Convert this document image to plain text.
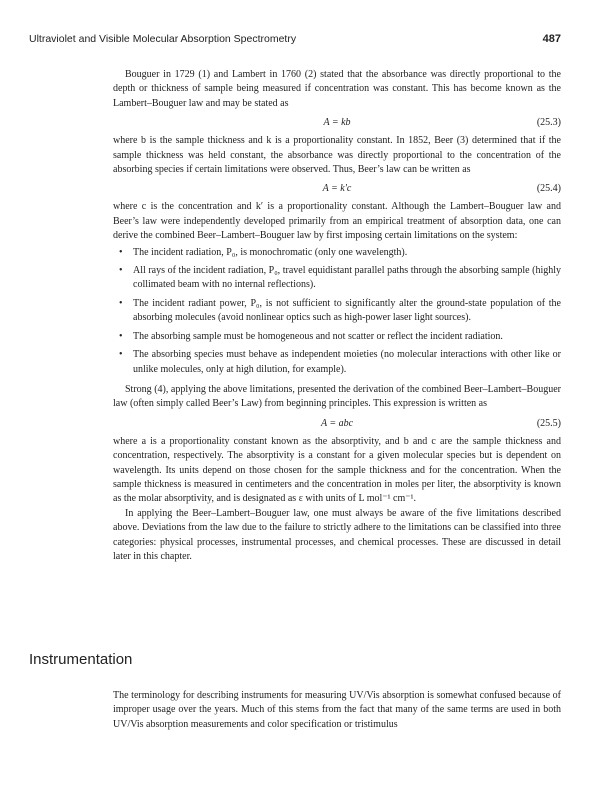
Ultraviolet and Visible Molecular Absorption Spectrometry	487

Bouguer in 1729 (1) and Lambert in 1760 (2) stated that the absorbance was directly proportional to the depth or thickness of sample being measured if concentration was constant. This has become known as the Lambert–Bouguer law and may be stated as

A = kb	(25.3)

where b is the sample thickness and k is a proportionality constant. In 1852, Beer (3) determined that if the sample thickness was held constant, the absorbance was directly proportional to the concentration of the absorbing species if certain limitations were observed. Thus, Beer’s law can be written as

A = k′c	(25.4)

where c is the concentration and k′ is a proportionality constant. Although the Lambert–Bouguer law and Beer’s law were independently developed primarily from an empirical treatment of absorption data, one can derive the combined Beer–Lambert–Bouguer law by first imposing certain limitations on the system:

• The incident radiation, P₀, is monochromatic (only one wavelength).
• All rays of the incident radiation, P₀, travel equidistant parallel paths through the absorbing sample (highly collimated beam with no internal reflections).
• The incident radiant power, P₀, is not sufficient to significantly alter the ground-state population of the absorbing molecules (avoid nonlinear optics such as high-power laser light sources).
• The absorbing sample must be homogeneous and not scatter or reflect the incident radiation.
• The absorbing species must behave as independent moieties (no molecular interactions with other like or unlike molecules, only at high dilution, for example).

Strong (4), applying the above limitations, presented the derivation of the combined Beer–Lambert–Bouguer law (often simply called Beer’s Law) from beginning principles. This expression is written as

A = abc	(25.5)

where a is a proportionality constant known as the absorptivity, and b and c are the sample thickness and concentration, respectively. The absorptivity is a constant for a given molecular species but is dependent on wavelength. Its units depend on those chosen for the sample thickness and for the concentration. When the sample thickness is measured in centimeters and the concentration in moles per liter, the absorptivity is known as the molar absorptivity, and is designated as ε with units of L mol⁻¹ cm⁻¹.

In applying the Beer–Lambert–Bouguer law, one must always be aware of the five limitations described above. Deviations from the law due to the failure to strictly adhere to the limitations can be classified into three categories: physical processes, instrumental processes, and chemical processes. These are discussed in detail later in this chapter.

Instrumentation

The terminology for describing instruments for measuring UV/Vis absorption is somewhat confused because of improper usage over the years. Much of this stems from the fact that many of the same terms are used in both UV/Vis absorption measurements and color specification or tristimulus
